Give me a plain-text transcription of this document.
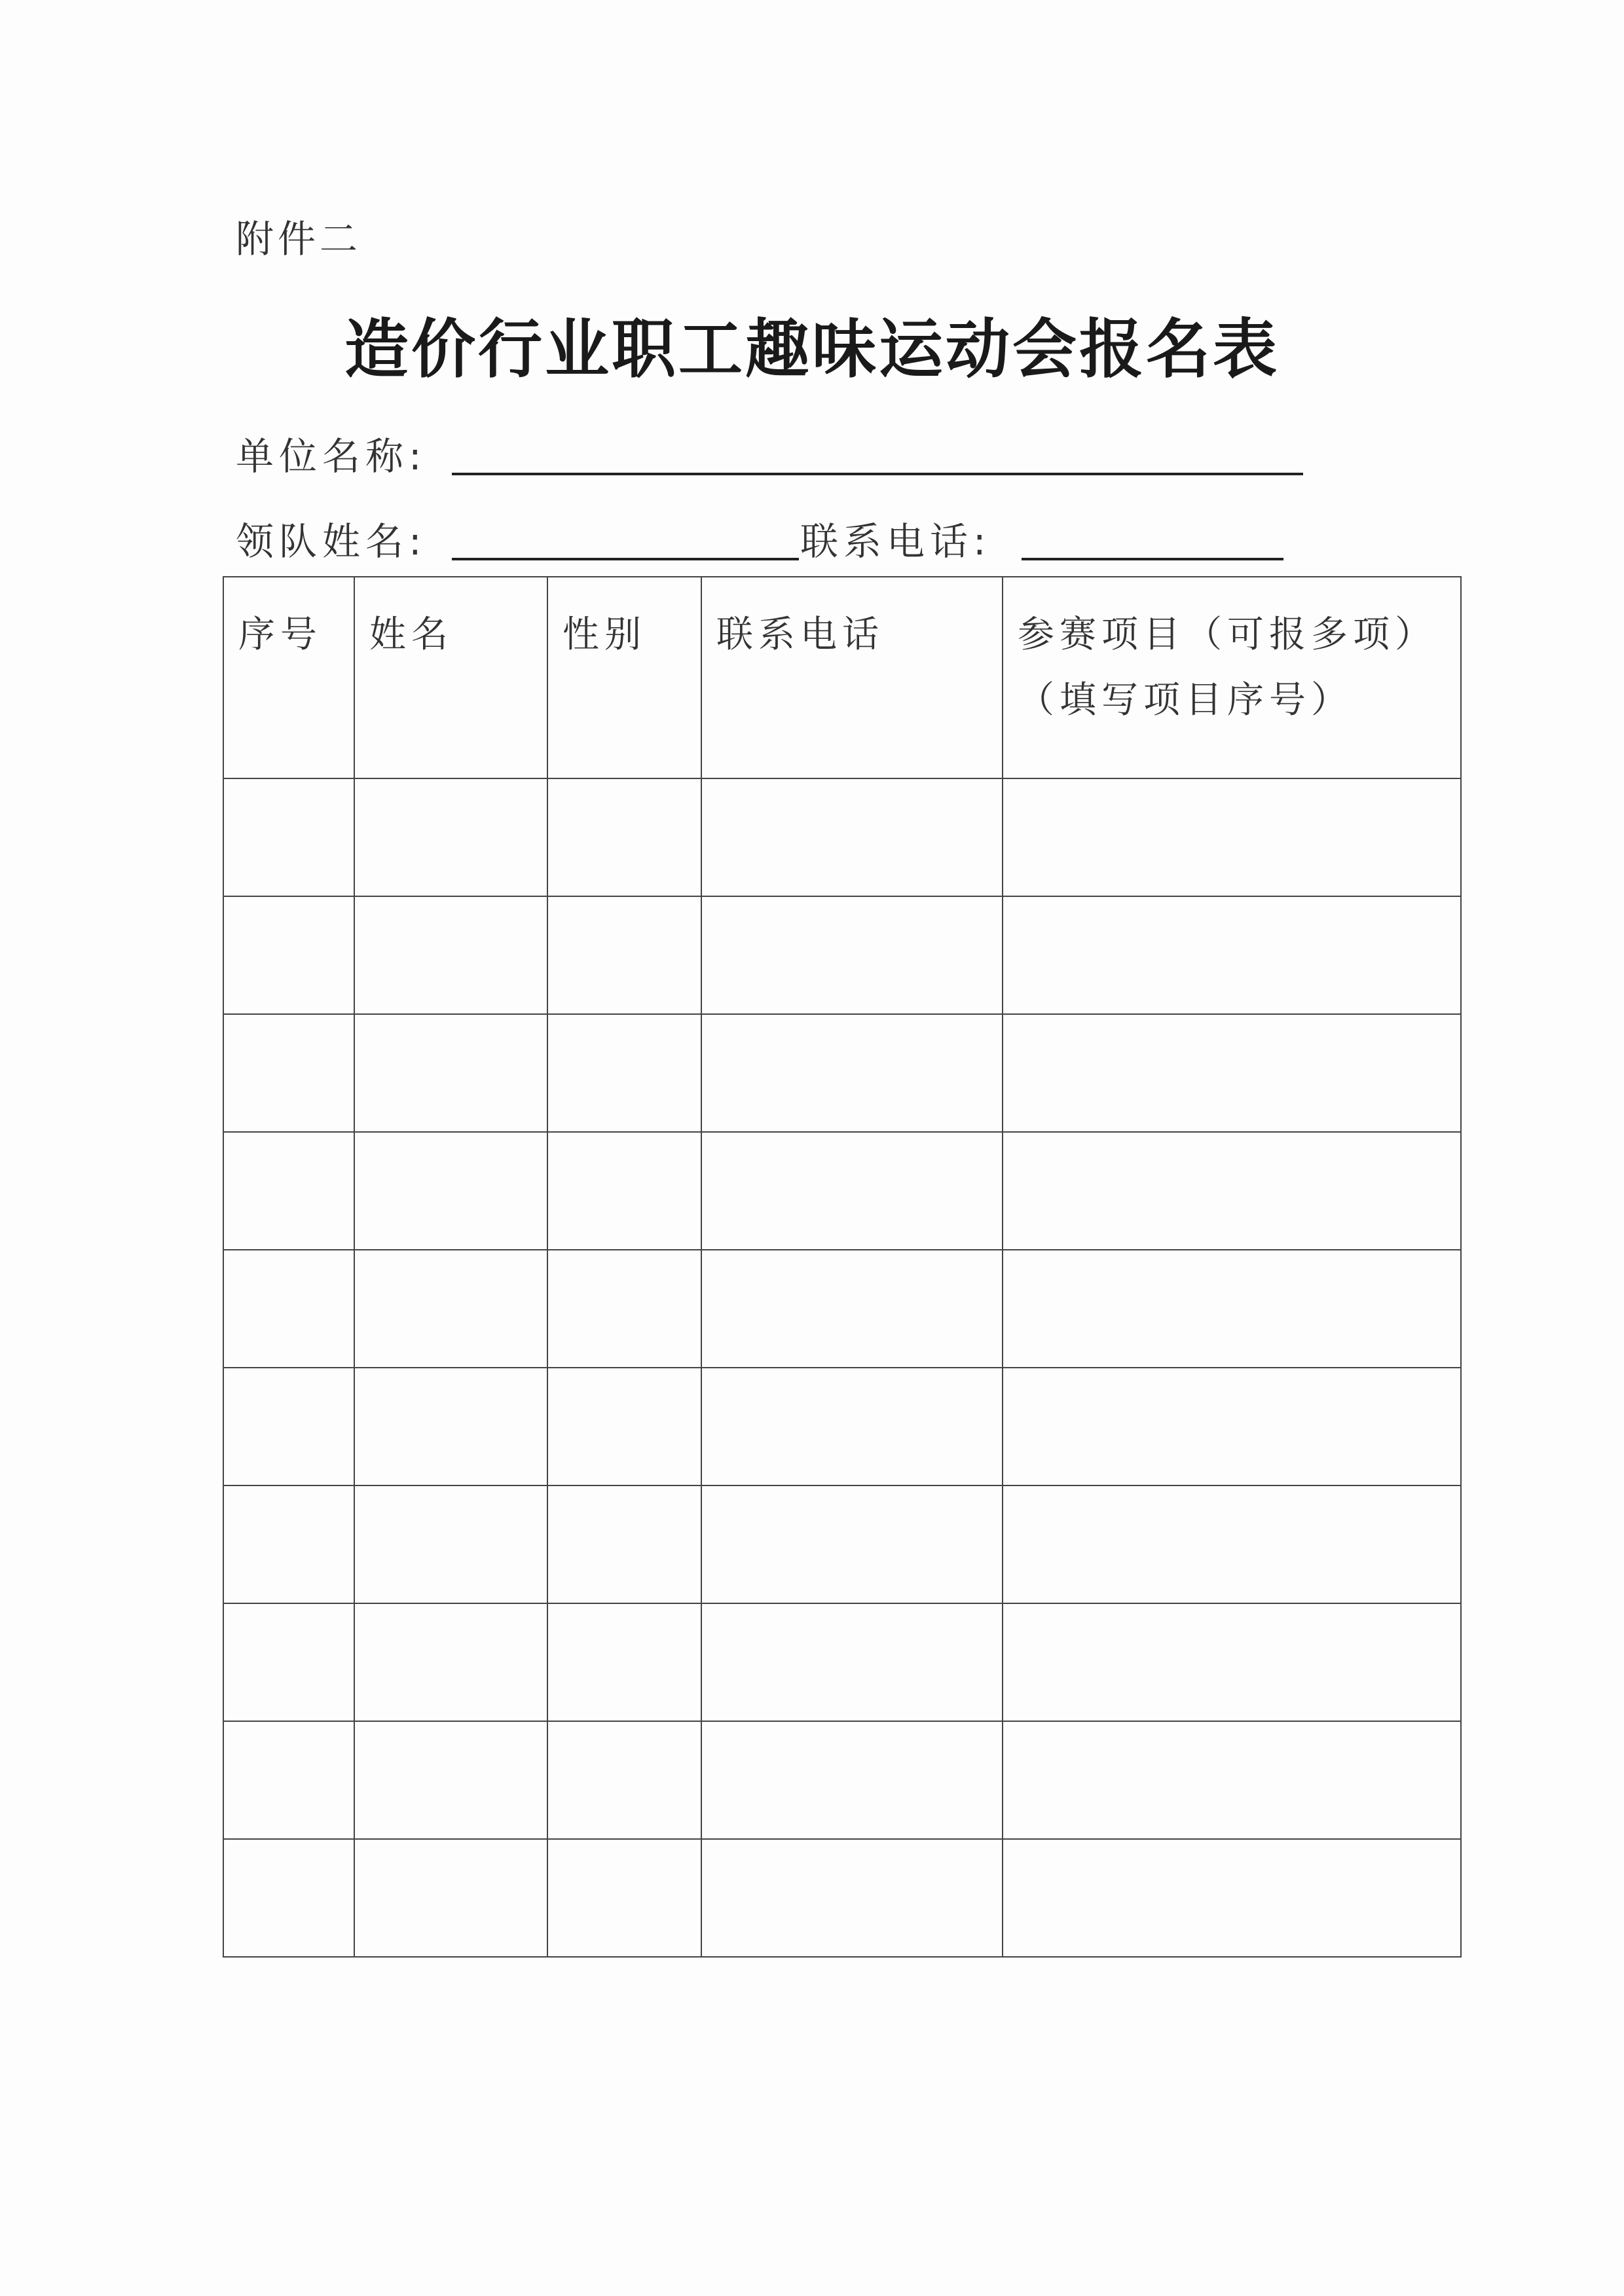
附件二
造价行业职工趣味运动会报名表
单位名称:
领队姓名:	联系电话:
序号	姓名	性别	联系电话	参赛项目（可报多项）
（填写项目序号）
